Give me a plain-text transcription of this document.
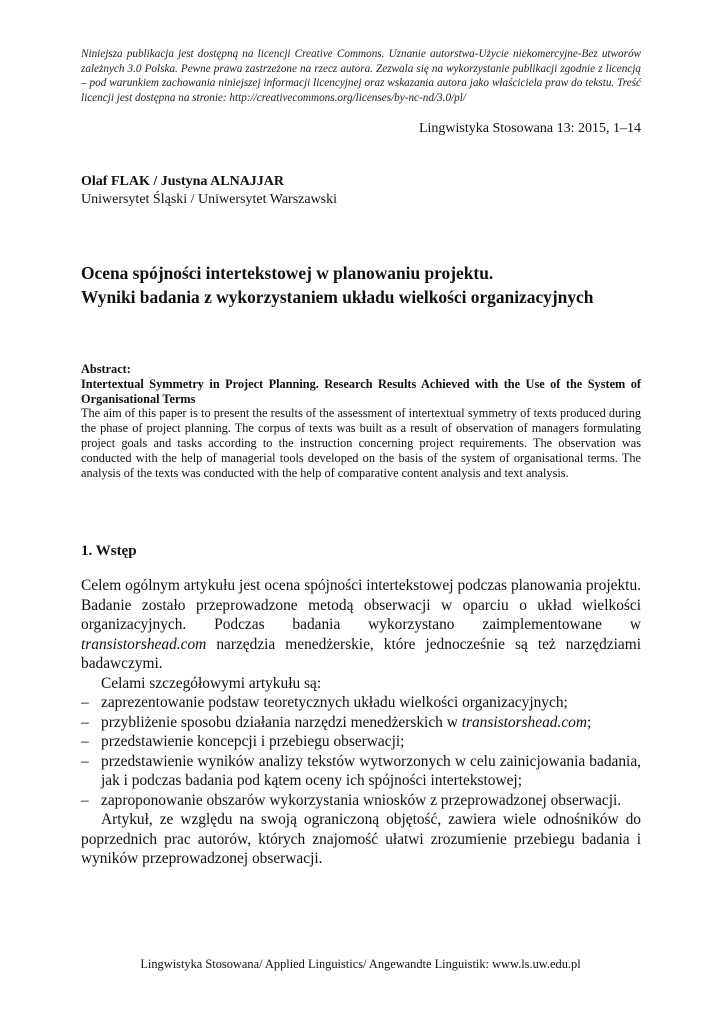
Niniejsza publikacja jest dostępną na licencji Creative Commons. Uznanie autorstwa-Użycie niekomercyjne-Bez utworów zależnych 3.0 Polska. Pewne prawa zastrzeżone na rzecz autora. Zezwala się na wykorzystanie publikacji zgodnie z licencją – pod warunkiem zachowania niniejszej informacji licencyjnej oraz wskazania autora jako właściciela praw do tekstu. Treść licencji jest dostępna na stronie: http://creativecommons.org/licenses/by-nc-nd/3.0/pl/
Lingwistyka Stosowana 13: 2015, 1–14
Olaf FLAK / Justyna ALNAJJAR
Uniwersytet Śląski / Uniwersytet Warszawski
Ocena spójności intertekstowej w planowaniu projektu.
Wyniki badania z wykorzystaniem układu wielkości organizacyjnych
Abstract:
Intertextual Symmetry in Project Planning. Research Results Achieved with the Use of the System of Organisational Terms
The aim of this paper is to present the results of the assessment of intertextual symmetry of texts produced during the phase of project planning. The corpus of texts was built as a result of observation of managers formulating project goals and tasks according to the instruction concerning project requirements. The observation was conducted with the help of managerial tools developed on the basis of the system of organisational terms. The analysis of the texts was conducted with the help of comparative content analysis and text analysis.
1. Wstęp

Celem ogólnym artykułu jest ocena spójności intertekstowej podczas planowania projektu. Badanie zostało przeprowadzone metodą obserwacji w oparciu o układ wielkości organizacyjnych. Podczas badania wykorzystano zaimplementowane w transistorshead.com narzędzia menedżerskie, które jednocześnie są też narzędziami badawczymi.

Celami szczegółowymi artykułu są:

– zaprezentowanie podstaw teoretycznych układu wielkości organizacyjnych;
– przybliżenie sposobu działania narzędzi menedżerskich w transistorshead.com;
– przedstawienie koncepcji i przebiegu obserwacji;
– przedstawienie wyników analizy tekstów wytworzonych w celu zainicjowania badania, jak i podczas badania pod kątem oceny ich spójności intertekstowej;
– zaproponowanie obszarów wykorzystania wniosków z przeprowadzonej obserwacji.

Artykuł, ze względu na swoją ograniczoną objętość, zawiera wiele odnośników do poprzednich prac autorów, których znajomość ułatwi zrozumienie przebiegu badania i wyników przeprowadzonej obserwacji.

Lingwistyka Stosowana/ Applied Linguistics/ Angewandte Linguistik: www.ls.uw.edu.pl
